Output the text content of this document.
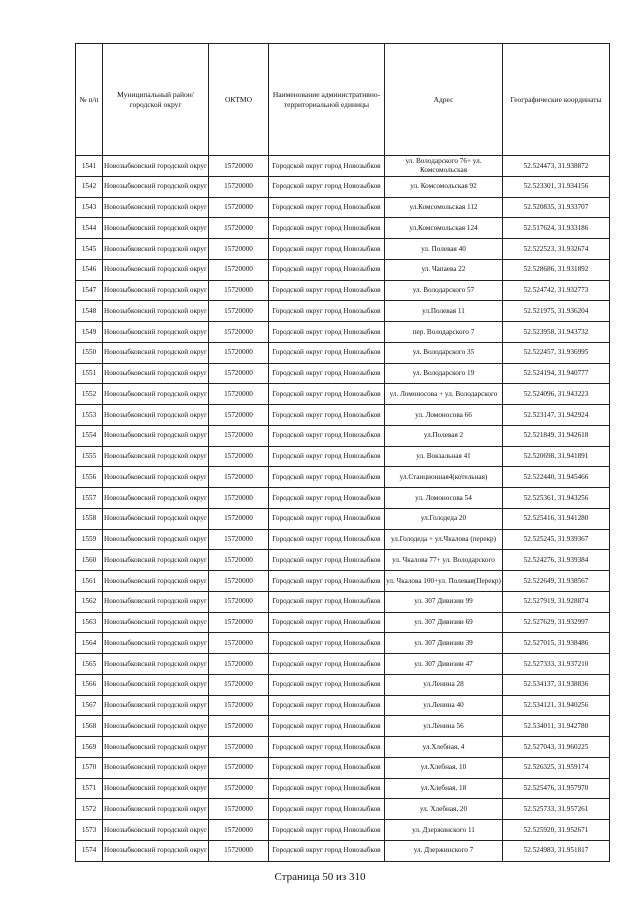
№ п/п	Муниципальный район/городской округ	ОКТМО	Наименование административно-территориальной единицы	Адрес	Географические координаты
1541	Новозыбковский городской округ	15720000	Городской округ город Новозыбков	ул. Володарского 76+ ул. Комсомольская	52.524473, 31.938872
1542	Новозыбковский городской округ	15720000	Городской округ город Новозыбков	ул. Комсомольская 92	52.523301, 31.934156
1543	Новозыбковский городской округ	15720000	Городской округ город Новозыбков	ул.Комсомольская 112	52.520835, 31.933707
1544	Новозыбковский городской округ	15720000	Городской округ город Новозыбков	ул.Комсомольская 124	52.517624, 31.933186
1545	Новозыбковский городской округ	15720000	Городской округ город Новозыбков	ул. Полевая 40	52.522523, 31.932674
1546	Новозыбковский городской округ	15720000	Городской округ город Новозыбков	ул. Чапаева 22	52.528686, 31.931892
1547	Новозыбковский городской округ	15720000	Городской округ город Новозыбков	ул. Володарского 57	52.524742, 31.932773
1548	Новозыбковский городской округ	15720000	Городской округ город Новозыбков	ул.Полевая 11	52.521975, 31.936204
1549	Новозыбковский городской округ	15720000	Городской округ город Новозыбков	пер. Володарского 7	52.523958, 31.943732
1550	Новозыбковский городской округ	15720000	Городской округ город Новозыбков	ул. Володарского 35	52.522457, 31.936995
1551	Новозыбковский городской округ	15720000	Городской округ город Новозыбков	ул. Володарского 19	52.524194, 31.940777
1552	Новозыбковский городской округ	15720000	Городской округ город Новозыбков	ул. Ломоносова + ул. Володарского	52.524096, 31.943223
1553	Новозыбковский городской округ	15720000	Городской округ город Новозыбков	ул. Ломоносова 66	52.523147, 31.942924
1554	Новозыбковский городской округ	15720000	Городской округ город Новозыбков	ул.Полевая 2	52.521849, 31.942618
1555	Новозыбковский городской округ	15720000	Городской округ город Новозыбков	ул. Вокзальная 41	52.520698, 31.941891
1556	Новозыбковский городской округ	15720000	Городской округ город Новозыбков	ул.Станционная4(котельная)	52.522440, 31.945466
1557	Новозыбковский городской округ	15720000	Городской округ город Новозыбков	ул. Ломоносова 54	52.525361, 31.943256
1558	Новозыбковский городской округ	15720000	Городской округ город Новозыбков	ул.Голодеда 20	52.525416, 31.941280
1559	Новозыбковский городской округ	15720000	Городской округ город Новозыбков	ул.Голодеда + ул.Чкалова (перекр)	52.525245, 31.939367
1560	Новозыбковский городской округ	15720000	Городской округ город Новозыбков	ул. Чкалова 77+ ул. Володарского	52.524276, 31.939384
1561	Новозыбковский городской округ	15720000	Городской округ город Новозыбков	ул. Чкалова 100+ул. Полевая(Перекр)	52.522649, 31.938567
1562	Новозыбковский городской округ	15720000	Городской округ город Новозыбков	ул. 307 Дивизии 99	52.527919, 31.928874
1563	Новозыбковский городской округ	15720000	Городской округ город Новозыбков	ул. 307 Дивизии 69	52.527629, 31.932997
1564	Новозыбковский городской округ	15720000	Городской округ город Новозыбков	ул. 307 Дивизии 39	52.527015, 31.938486
1565	Новозыбковский городской округ	15720000	Городской округ город Новозыбков	ул. 307 Дивизии 47	52.527333, 31.937210
1566	Новозыбковский городской округ	15720000	Городской округ город Новозыбков	ул.Ленина 28	52.534137, 31.938836
1567	Новозыбковский городской округ	15720000	Городской округ город Новозыбков	ул.Ленина 40	52.534121, 31.940256
1568	Новозыбковский городской округ	15720000	Городской округ город Новозыбков	ул.Ленина 56	52.534011, 31.942780
1569	Новозыбковский городской округ	15720000	Городской округ город Новозыбков	ул.Хлебная, 4	52.527043, 31.960225
1570	Новозыбковский городской округ	15720000	Городской округ город Новозыбков	ул.Хлебная, 10	52.526325, 31.959174
1571	Новозыбковский городской округ	15720000	Городской округ город Новозыбков	ул.Хлебная, 18	52.525476, 31.957970
1572	Новозыбковский городской округ	15720000	Городской округ город Новозыбков	ул. Хлебная, 20	52.525733, 31.957261
1573	Новозыбковский городской округ	15720000	Городской округ город Новозыбков	ул. Дзержинского 11	52.525920, 31.952671
1574	Новозыбковский городской округ	15720000	Городской округ город Новозыбков	ул. Дзержинского 7	52.524983, 31.951817
Страница 50 из 310
